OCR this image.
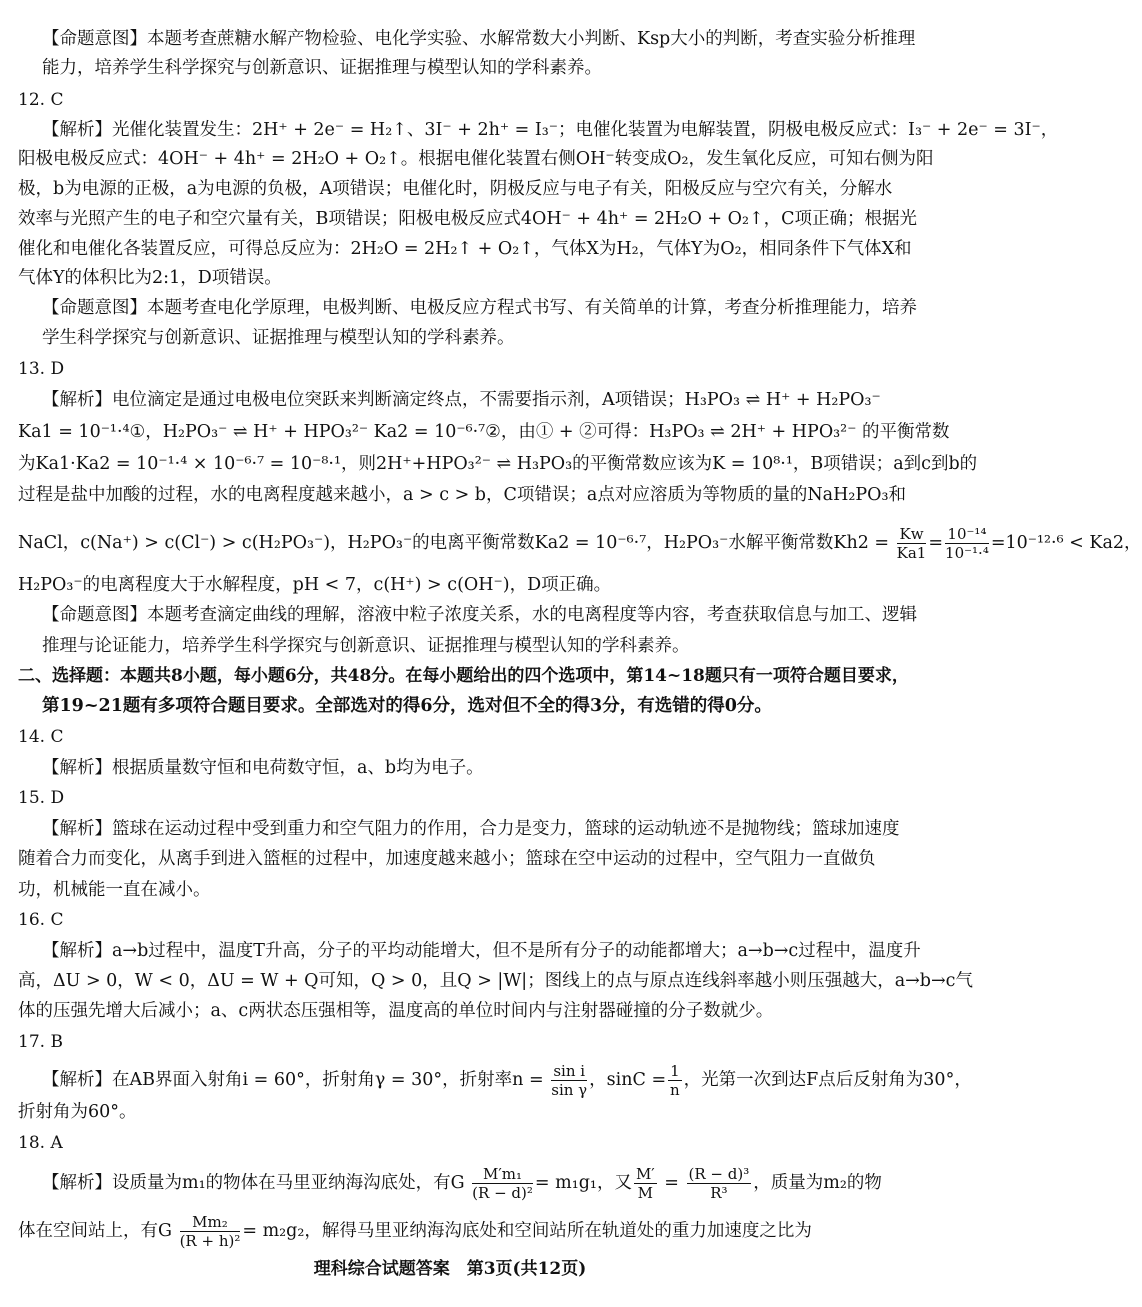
【命题意图】本题考查蔗糖水解产物检验、电化学实验、水解常数大小判断、Ksp大小的判断，考查实验分析推理
能力，培养学生科学探究与创新意识、证据推理与模型认知的学科素养。
12. C
【解析】光催化装置发生：2H⁺ + 2e⁻ = H₂↑、3I⁻ + 2h⁺ = I₃⁻；电催化装置为电解装置，阴极电极反应式：I₃⁻ + 2e⁻ = 3I⁻，
阳极电极反应式：4OH⁻ + 4h⁺ = 2H₂O + O₂↑。根据电催化装置右侧OH⁻转变成O₂，发生氧化反应，可知右侧为阳
极，b为电源的正极，a为电源的负极，A项错误；电催化时，阴极反应与电子有关，阳极反应与空穴有关，分解水
效率与光照产生的电子和空穴量有关，B项错误；阳极电极反应式4OH⁻ + 4h⁺ = 2H₂O + O₂↑，C项正确；根据光
催化和电催化各装置反应，可得总反应为：2H₂O = 2H₂↑ + O₂↑，气体X为H₂，气体Y为O₂，相同条件下气体X和
气体Y的体积比为2:1，D项错误。
【命题意图】本题考查电化学原理，电极判断、电极反应方程式书写、有关简单的计算，考查分析推理能力，培养
学生科学探究与创新意识、证据推理与模型认知的学科素养。
13. D
【解析】电位滴定是通过电极电位突跃来判断滴定终点，不需要指示剂，A项错误；H₃PO₃ ⇌ H⁺ + H₂PO₃⁻
Ka1 = 10⁻¹·⁴①，H₂PO₃⁻ ⇌ H⁺ + HPO₃²⁻ Ka2 = 10⁻⁶·⁷②，由① + ②可得：H₃PO₃ ⇌ 2H⁺ + HPO₃²⁻ 的平衡常数
为Ka1·Ka2 = 10⁻¹·⁴ × 10⁻⁶·⁷ = 10⁻⁸·¹，则2H⁺+HPO₃²⁻ ⇌ H₃PO₃的平衡常数应该为K = 10⁸·¹，B项错误；a到c到b的
过程是盐中加酸的过程，水的电离程度越来越小，a > c > b，C项错误；a点对应溶质为等物质的量的NaH₂PO₃和
NaCl，c(Na⁺) > c(Cl⁻) > c(H₂PO₃⁻)，H₂PO₃⁻的电离平衡常数Ka2 = 10⁻⁶·⁷，H₂PO₃⁻水解平衡常数$Kh2 = \frac{Kw}{Ka1} = \frac{\text{10⁻¹⁴}}{\text{10⁻¹·⁴}} =10^{-12}\cdot^6 < Ka2$，
H₂PO₃⁻的电离程度大于水解程度，pH < 7，c(H⁺) > c(OH⁻)，D项正确。
【命题意图】本题考查滴定曲线的理解，溶液中粒子浓度关系，水的电离程度等内容，考查获取信息与加工、逻辑
推理与论证能力，培养学生科学探究与创新意识、证据推理与模型认知的学科素养。
二、选择题：本题共8小题，每小题6分，共48分。在每小题给出的四个选项中，第14~18题只有一项符合题目要求，
第19~21题有多项符合题目要求。全部选对的得6分，选对但不全的得3分，有选错的得0分。
14. C
【解析】根据质量数守恒和电荷数守恒，a、b均为电子。
15. D
【解析】篮球在运动过程中受到重力和空气阻力的作用，合力是变力，篮球的运动轨迹不是抛物线；篮球加速度
随着合力而变化，从离手到进入篮框的过程中，加速度越来越小；篮球在空中运动的过程中，空气阻力一直做负
功，机械能一直在减小。
16. C
【解析】a→b过程中，温度T升高，分子的平均动能增大，但不是所有分子的动能都增大；a→b→c过程中，温度升
高，ΔU > 0，W < 0，ΔU = W + Q可知，Q > 0，且Q > |W|；图线上的点与原点连线斜率越小则压强越大，a→b→c气
体的压强先增大后减小；a、c两状态压强相等，温度高的单位时间内与注射器碰撞的分子数就少。
17. B
【解析】在AB界面入射角i = 60°，折射角γ = 30°，折射率$n = \frac{\text{sin i}}{\text{sin γ}}$ ，$\sin C = \frac{1}{n}$ ，光第一次到达F点后反射角为30°，
折射角为60°。
18. A
【解析】设质量为m₁的物体在马里亚纳海沟底处，有G $\frac{\text{M′m₁}}{\text{(R − d)²}} = m_1g_1$，又 $\frac{M'}{M} = \frac{\text{(R − d)³}}{\text{R³}}$ ，质量为m₂的物
体在空间站上，有G $\frac{\text{Mm₂}}{\text{(R + h)²}} = m_2g_2$，解得马里亚纳海沟底处和空间站所在轨道处的重力加速度之比为
理科综合试题答案　第3页(共12页)
